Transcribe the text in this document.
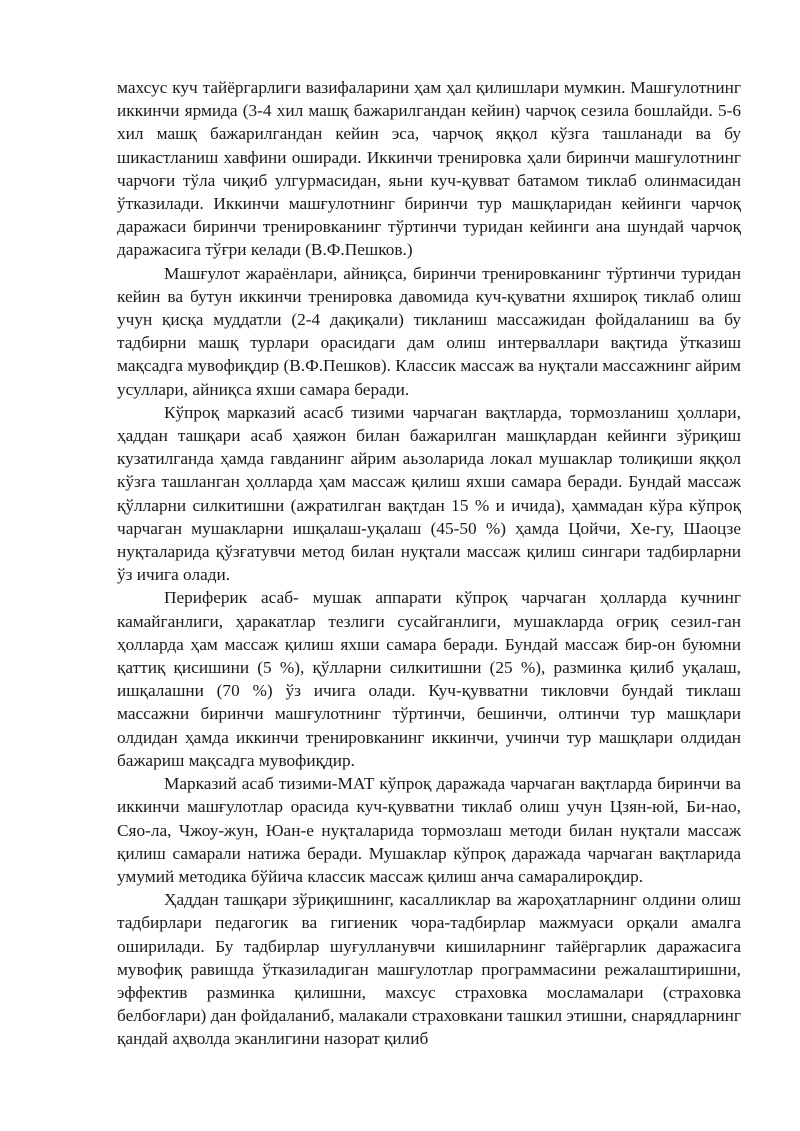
махсус куч тайёргарлиги вазифаларини ҳам ҳал қилишлари мумкин. Машғулотнинг иккинчи ярмида (3-4 хил машқ бажарилгандан кейин) чарчоқ сезила бошлайди. 5-6 хил машқ бажарилгандан кейин эса, чарчоқ яққол кўзга ташланади ва бу шикастланиш хавфини оширади. Иккинчи тренировка ҳали биринчи машғулотнинг чарчоғи тўла чиқиб улгурмасидан, яьни куч-қувват батамом тиклаб олинмасидан ўтказилади. Иккинчи машғулотнинг биринчи тур машқларидан кейинги чарчоқ даражаси биринчи тренировканинг тўртинчи туридан кейинги ана шундай чарчоқ даражасига тўғри келади (В.Ф.Пешков.)

Машғулот жараёнлари, айниқса, биринчи тренировканинг тўртинчи туридан кейин ва бутун иккинчи тренировка давомида куч-қуватни яхшироқ тиклаб олиш учун қисқа муддатли (2-4 дақиқали) тикланиш массажидан фойдаланиш ва бу тадбирни машқ турлари орасидаги дам олиш интерваллари вақтида ўтказиш мақсадга мувофиқдир (В.Ф.Пешков). Классик массаж ва нуқтали массажнинг айрим усуллари, айниқса яхши самара беради.

Кўпроқ марказий асасб тизими чарчаган вақтларда, тормозланиш ҳоллари, ҳаддан ташқари асаб ҳаяжон билан бажарилган машқлардан кейинги зўриқиш кузатилганда ҳамда гавданинг айрим аьзоларида локал мушаклар толиқиши яққол кўзга ташланган ҳолларда ҳам массаж қилиш яхши самара беради. Бундай массаж қўлларни силкитишни (ажратилган вақтдан 15 % и ичида), ҳаммадан кўра кўпроқ чарчаган мушакларни ишқалаш-уқалаш (45-50 %) ҳамда Цойчи, Хе-гу, Шаоцзе нуқталарида қўзғатувчи метод билан нуқтали массаж қилиш сингари тадбирларни ўз ичига олади.

Периферик асаб- мушак аппарати кўпроқ чарчаган ҳолларда кучнинг камайганлиги, ҳаракатлар тезлиги сусайганлиги, мушакларда оғриқ сезил-ган ҳолларда ҳам массаж қилиш яхши самара беради. Бундай массаж бир-он буюмни қаттиқ қисишини (5 %), қўлларни силкитишни (25 %), разминка қилиб уқалаш, ишқалашни (70 %) ўз ичига олади. Куч-қувватни тикловчи бундай тиклаш массажни биринчи машғулотнинг тўртинчи, бешинчи, олтинчи тур машқлари олдидан ҳамда иккинчи тренировканинг иккинчи, учинчи тур машқлари олдидан бажариш мақсадга мувофиқдир.

Марказий асаб тизими-МАТ кўпроқ даражада чарчаган вақтларда биринчи ва иккинчи машғулотлар орасида куч-қувватни тиклаб олиш учун Цзян-юй, Би-нао, Сяо-ла, Чжоу-жун, Юан-е нуқталарида тормозлаш методи билан нуқтали массаж қилиш самарали натижа беради. Мушаклар кўпроқ даражада чарчаган вақтларида умумий методика бўйича классик массаж қилиш анча самаралироқдир.

Ҳаддан ташқари зўриқишнинг, касалликлар ва жароҳатларнинг олдини олиш тадбирлари педагогик ва гигиеник чора-тадбирлар мажмуаси орқали амалга оширилади. Бу тадбирлар шуғулланувчи кишиларнинг тайёргарлик даражасига мувофиқ равишда ўтказиладиган машғулотлар программасини режалаштиришни, эффектив разминка қилишни, махсус страховка мосламалари (страховка белбоғлари) дан фойдаланиб, малакали страховкани ташкил этишни, снарядларнинг қандай аҳволда эканлигини назорат қилиб
